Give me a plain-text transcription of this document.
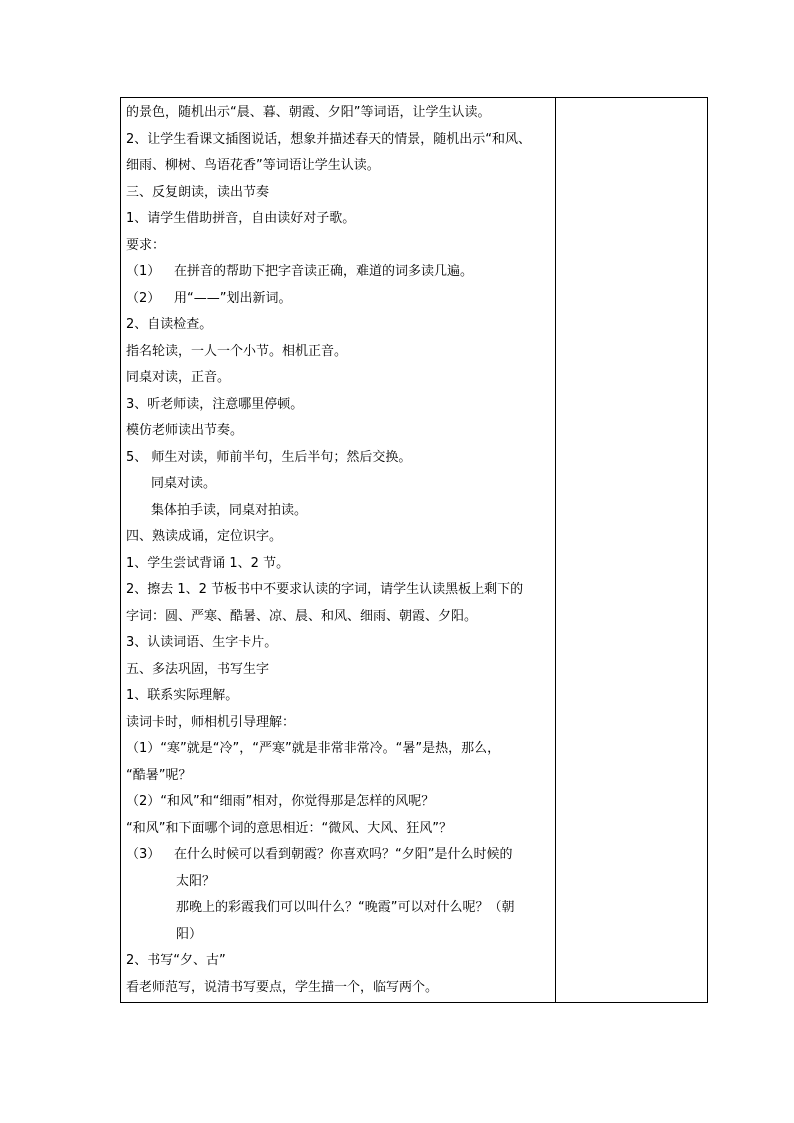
的景色，随机出示“晨、暮、朝霞、夕阳”等词语，让学生认读。
2、让学生看课文插图说话，想象并描述春天的情景，随机出示“和风、
细雨、柳树、鸟语花香”等词语让学生认读。
三、反复朗读，读出节奏
1、请学生借助拼音，自由读好对子歌。
要求：
（1） 在拼音的帮助下把字音读正确，难道的词多读几遍。
（2） 用“——”划出新词。
2、自读检查。
指名轮读，一人一个小节。相机正音。
同桌对读，正音。
3、听老师读，注意哪里停顿。
模仿老师读出节奏。
5、 师生对读，师前半句，生后半句；然后交换。
同桌对读。
集体拍手读，同桌对拍读。
四、熟读成诵，定位识字。
1、学生尝试背诵 1、2 节。
2、擦去 1、2 节板书中不要求认读的字词，请学生认读黑板上剩下的
字词：圆、严寒、酷暑、凉、晨、和风、细雨、朝霞、夕阳。
3、认读词语、生字卡片。
五、多法巩固，书写生字
1、联系实际理解。
读词卡时，师相机引导理解：
（1）“寒”就是“冷”，“严寒”就是非常非常冷。“暑”是热，那么，
“酷暑”呢？
（2）“和风”和“细雨”相对，你觉得那是怎样的风呢？
“和风”和下面哪个词的意思相近：“微风、大风、狂风”？
（3） 在什么时候可以看到朝霞？你喜欢吗？“夕阳”是什么时候的
太阳？
那晚上的彩霞我们可以叫什么？“晚霞”可以对什么呢？（朝
阳）
2、书写“夕、古”
看老师范写，说清书写要点，学生描一个，临写两个。
